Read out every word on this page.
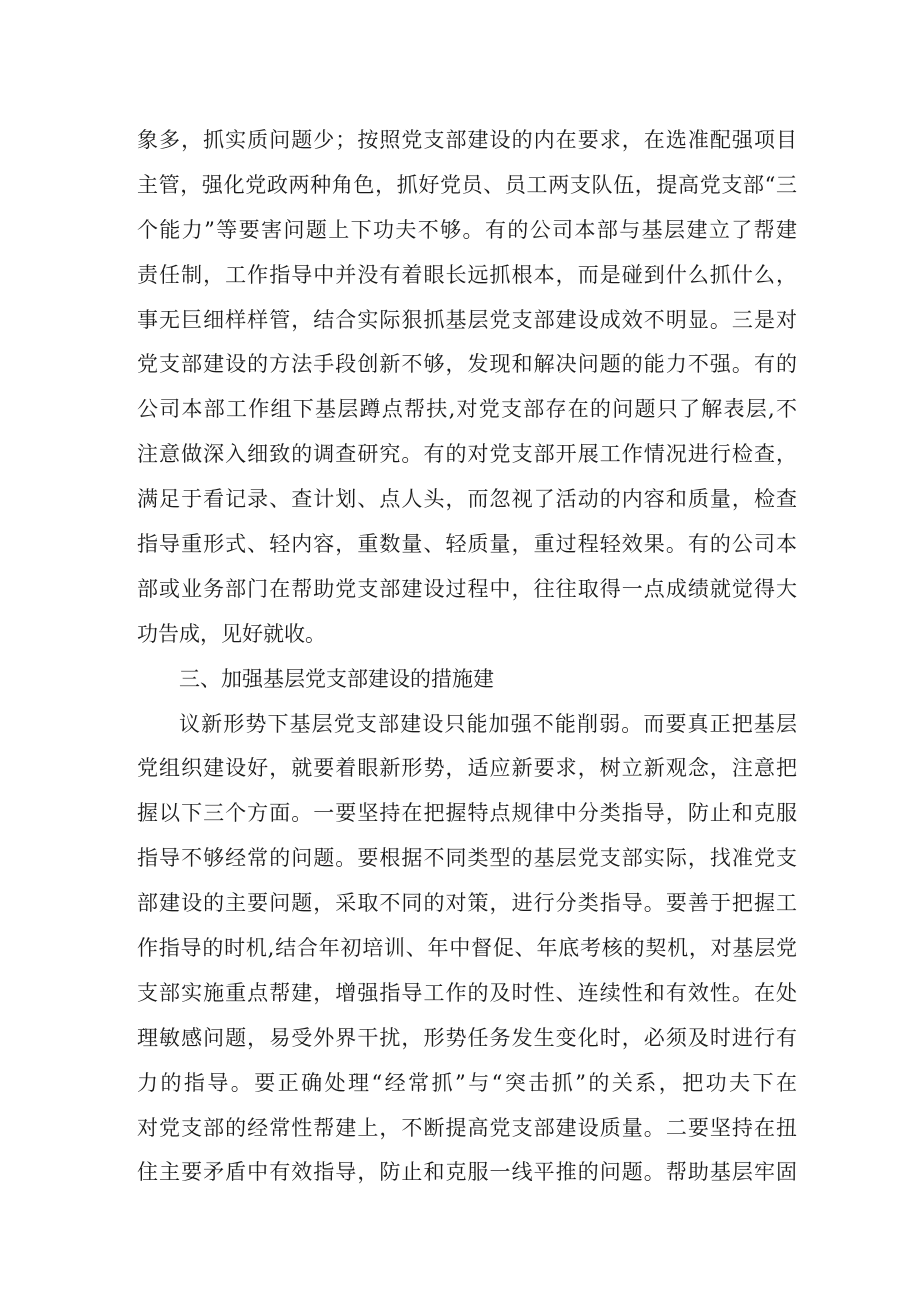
象多，抓实质问题少；按照党支部建设的内在要求，在选准配强项目
主管，强化党政两种角色，抓好党员、员工两支队伍，提高党支部“三
个能力”等要害问题上下功夫不够。有的公司本部与基层建立了帮建
责任制，工作指导中并没有着眼长远抓根本，而是碰到什么抓什么，
事无巨细样样管，结合实际狠抓基层党支部建设成效不明显。三是对
党支部建设的方法手段创新不够，发现和解决问题的能力不强。有的
公司本部工作组下基层蹲点帮扶,对党支部存在的问题只了解表层,不
注意做深入细致的调查研究。有的对党支部开展工作情况进行检查，
满足于看记录、查计划、点人头，而忽视了活动的内容和质量，检查
指导重形式、轻内容，重数量、轻质量，重过程轻效果。有的公司本
部或业务部门在帮助党支部建设过程中，往往取得一点成绩就觉得大
功告成，见好就收。
三、加强基层党支部建设的措施建
议新形势下基层党支部建设只能加强不能削弱。而要真正把基层
党组织建设好，就要着眼新形势，适应新要求，树立新观念，注意把
握以下三个方面。一要坚持在把握特点规律中分类指导，防止和克服
指导不够经常的问题。要根据不同类型的基层党支部实际，找准党支
部建设的主要问题，采取不同的对策，进行分类指导。要善于把握工
作指导的时机,结合年初培训、年中督促、年底考核的契机，对基层党
支部实施重点帮建，增强指导工作的及时性、连续性和有效性。在处
理敏感问题，易受外界干扰，形势任务发生变化时，必须及时进行有
力的指导。要正确处理“经常抓”与“突击抓”的关系，把功夫下在
对党支部的经常性帮建上，不断提高党支部建设质量。二要坚持在扭
住主要矛盾中有效指导，防止和克服一线平推的问题。帮助基层牢固
